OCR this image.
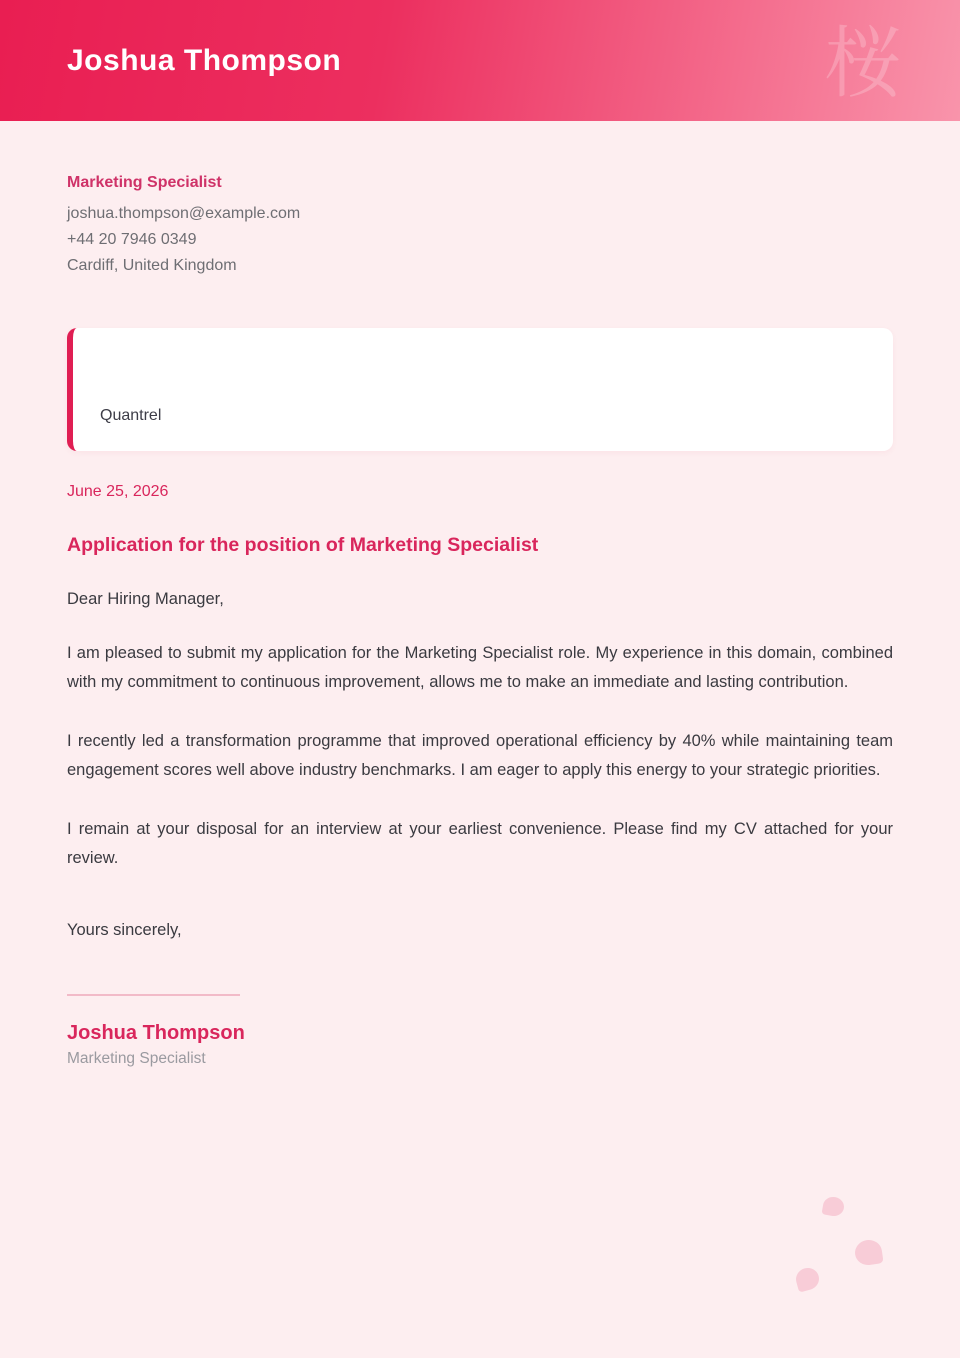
Joshua Thompson	桜
Marketing Specialist
joshua.thompson@example.com
+44 20 7946 0349
Cardiff, United Kingdom
Quantrel
June 25, 2026
Application for the position of Marketing Specialist

Dear Hiring Manager,

I am pleased to submit my application for the Marketing Specialist role. My experience in this domain, combined with my commitment to continuous improvement, allows me to make an immediate and lasting contribution.

I recently led a transformation programme that improved operational efficiency by 40% while maintaining team engagement scores well above industry benchmarks. I am eager to apply this energy to your strategic priorities.

I remain at your disposal for an interview at your earliest convenience. Please find my CV attached for your review.

Yours sincerely,

Joshua Thompson
Marketing Specialist
